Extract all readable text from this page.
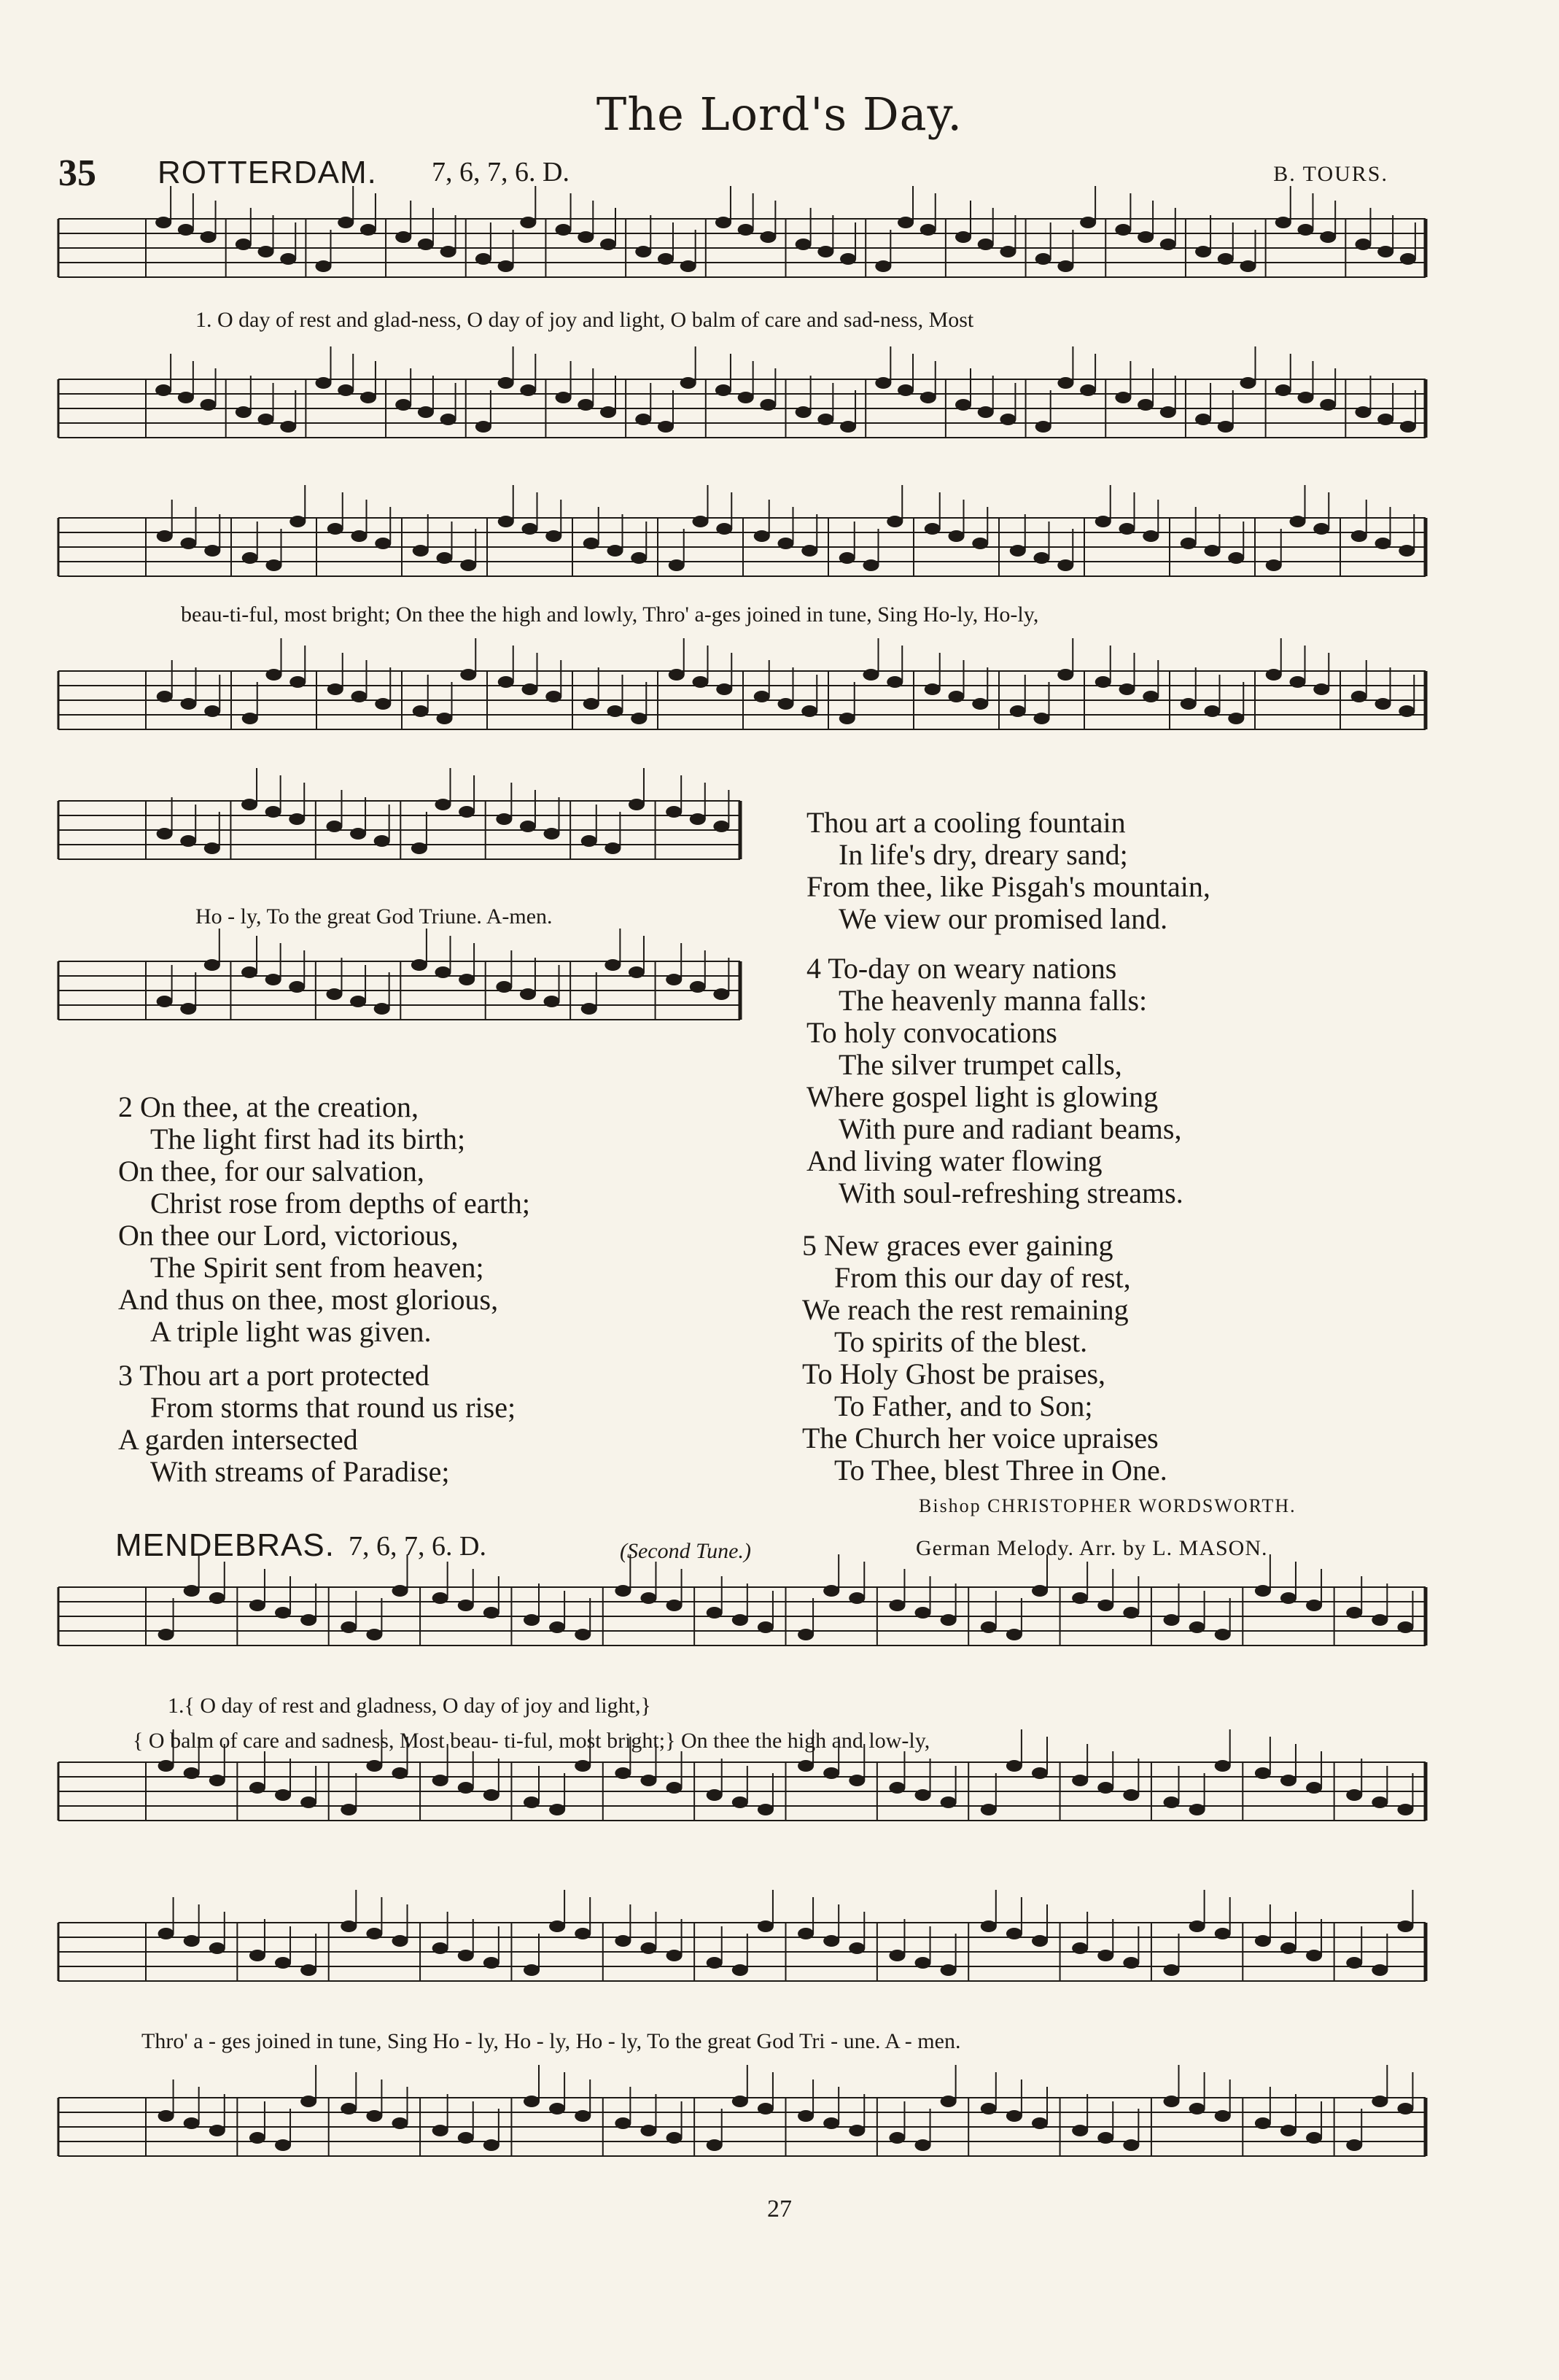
The Lord's Day.
35 ROTTERDAM. 7, 6, 7, 6. D.	B. TOURS.
1. O day of rest and glad-ness, O day of joy and light, O balm of care and sad-ness, Most
beau-ti-ful, most bright; On thee the high and lowly, Thro' a-ges joined in tune, Sing Ho-ly, Ho-ly,
Ho - ly, To the great God Triune. A-men.
2 On thee, at the creation,
The light first had its birth;
On thee, for our salvation,
Christ rose from depths of earth;
On thee our Lord, victorious,
The Spirit sent from heaven;
And thus on thee, most glorious,
A triple light was given.
3 Thou art a port protected
From storms that round us rise;
A garden intersected
With streams of Paradise;
Thou art a cooling fountain
In life's dry, dreary sand;
From thee, like Pisgah's mountain,
We view our promised land.
4 To-day on weary nations
The heavenly manna falls:
To holy convocations
The silver trumpet calls,
Where gospel light is glowing
With pure and radiant beams,
And living water flowing
With soul-refreshing streams.
5 New graces ever gaining
From this our day of rest,
We reach the rest remaining
To spirits of the blest.
To Holy Ghost be praises,
To Father, and to Son;
The Church her voice upraises
To Thee, blest Three in One.
Bishop CHRISTOPHER WORDSWORTH.
MENDEBRAS. 7, 6, 7, 6. D.	(Second Tune.)	German Melody. Arr. by L. MASON.
1.{ O day of rest and gladness, O day of joy and light,}
{ O balm of care and sadness, Most beau- ti-ful, most bright;} On thee the high and low-ly,
Thro' a - ges joined in tune, Sing Ho - ly, Ho - ly, Ho - ly, To the great God Tri - une. A - men.
27
